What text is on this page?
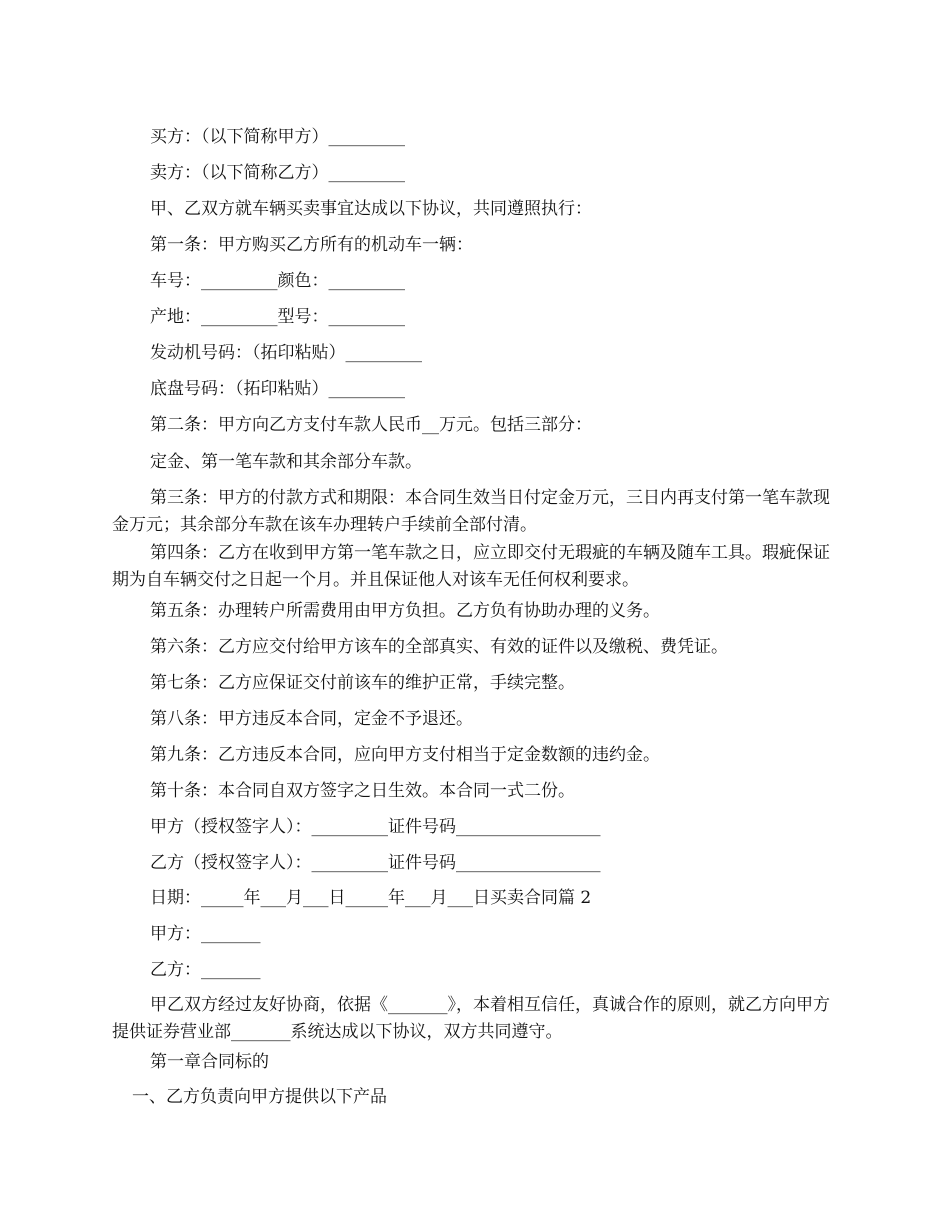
买方：（以下简称甲方）_________

卖方：（以下简称乙方）_________

甲、乙双方就车辆买卖事宜达成以下协议，共同遵照执行：

第一条：甲方购买乙方所有的机动车一辆：

车号：_________颜色：_________

产地：_________型号：_________

发动机号码：（拓印粘贴）_________

底盘号码：（拓印粘贴）_________

第二条：甲方向乙方支付车款人民币__万元。包括三部分：

定金、第一笔车款和其余部分车款。

第三条：甲方的付款方式和期限：本合同生效当日付定金万元，三日内再支付第一笔车款现金万元；其余部分车款在该车办理转户手续前全部付清。

第四条：乙方在收到甲方第一笔车款之日，应立即交付无瑕疵的车辆及随车工具。瑕疵保证期为自车辆交付之日起一个月。并且保证他人对该车无任何权利要求。

第五条：办理转户所需费用由甲方负担。乙方负有协助办理的义务。

第六条：乙方应交付给甲方该车的全部真实、有效的证件以及缴税、费凭证。

第七条：乙方应保证交付前该车的维护正常，手续完整。

第八条：甲方违反本合同，定金不予退还。

第九条：乙方违反本合同，应向甲方支付相当于定金数额的违约金。

第十条：本合同自双方签字之日生效。本合同一式二份。

甲方（授权签字人）：_________证件号码_________________

乙方（授权签字人）：_________证件号码_________________

日期：_____年___月___日_____年___月___日买卖合同篇 2

甲方：_______

乙方：_______

甲乙双方经过友好协商，依据《_______》，本着相互信任，真诚合作的原则，就乙方向甲方提供证券营业部_______系统达成以下协议，双方共同遵守。

第一章合同标的

一、乙方负责向甲方提供以下产品
